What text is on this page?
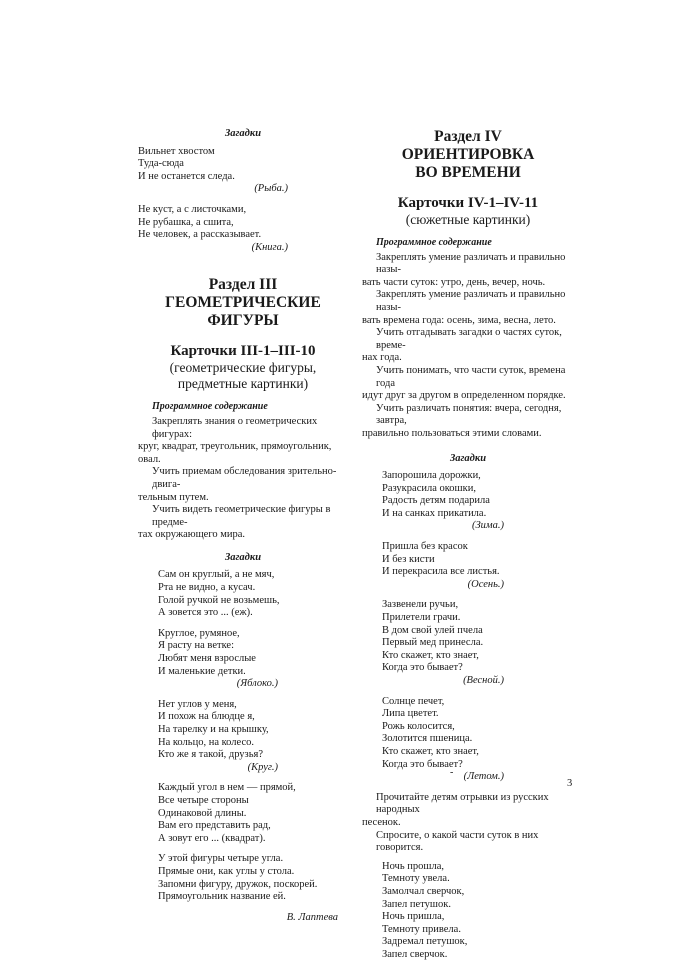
Загадки
Вильнет хвостом
Туда-сюда
И не останется следа.
(Рыба.)
Не куст, а с листочками,
Не рубашка, а сшита,
Не человек, а рассказывает.
(Книга.)
Раздел III
ГЕОМЕТРИЧЕСКИЕ
ФИГУРЫ
Карточки III-1–III-10
(геометрические фигуры,
предметные картинки)
Программное содержание
Закреплять знания о геометрических фигурах:
круг, квадрат, треугольник, прямоугольник, овал.
Учить приемам обследования зрительно-двига-
тельным путем.
Учить видеть геометрические фигуры в предме-
тах окружающего мира.
Загадки
Сам он круглый, а не мяч,
Рта не видно, а кусач.
Голой ручкой не возьмешь,
А зовется это ... (еж).
Круглое, румяное,
Я расту на ветке:
Любят меня взрослые
И маленькие детки.
(Яблоко.)
Нет углов у меня,
И похож на блюдце я,
На тарелку и на крышку,
На кольцо, на колесо.
Кто же я такой, друзья?
(Круг.)
Каждый угол в нем — прямой,
Все четыре стороны
Одинаковой длины.
Вам его представить рад,
А зовут его ... (квадрат).
У этой фигуры четыре угла.
Прямые они, как углы у стола.
Запомни фигуру, дружок, поскорей.
Прямоугольник название ей.
В. Лаптева
Раздел IV
ОРИЕНТИРОВКА
ВО ВРЕМЕНИ
Карточки IV-1–IV-11
(сюжетные картинки)
Программное содержание
Закреплять умение различать и правильно назы-
вать части суток: утро, день, вечер, ночь.
Закреплять умение различать и правильно назы-
вать времена года: осень, зима, весна, лето.
Учить отгадывать загадки о частях суток, време-
нах года.
Учить понимать, что части суток, времена года
идут друг за другом в определенном порядке.
Учить различать понятия: вчера, сегодня, завтра,
правильно пользоваться этими словами.
Загадки
Запорошила дорожки,
Разукрасила окошки,
Радость детям подарила
И на санках прикатила.
(Зима.)
Пришла без красок
И без кисти
И перекрасила все листья.
(Осень.)
Зазвенели ручьи,
Прилетели грачи.
В дом свой улей пчела
Первый мед принесла.
Кто скажет, кто знает,
Когда это бывает?
(Весной.)
Солнце печет,
Липа цветет.
Рожь колосится,
Золотится пшеница.
Кто скажет, кто знает,
Когда это бывает?
(Летом.)
Прочитайте детям отрывки из русских народных
песенок.
Спросите, о какой части суток в них говорится.
Ночь прошла,
Темноту увела.
Замолчал сверчок,
Запел петушок.
Ночь пришла,
Темноту привела.
Задремал петушок,
Запел сверчок.
-
3
